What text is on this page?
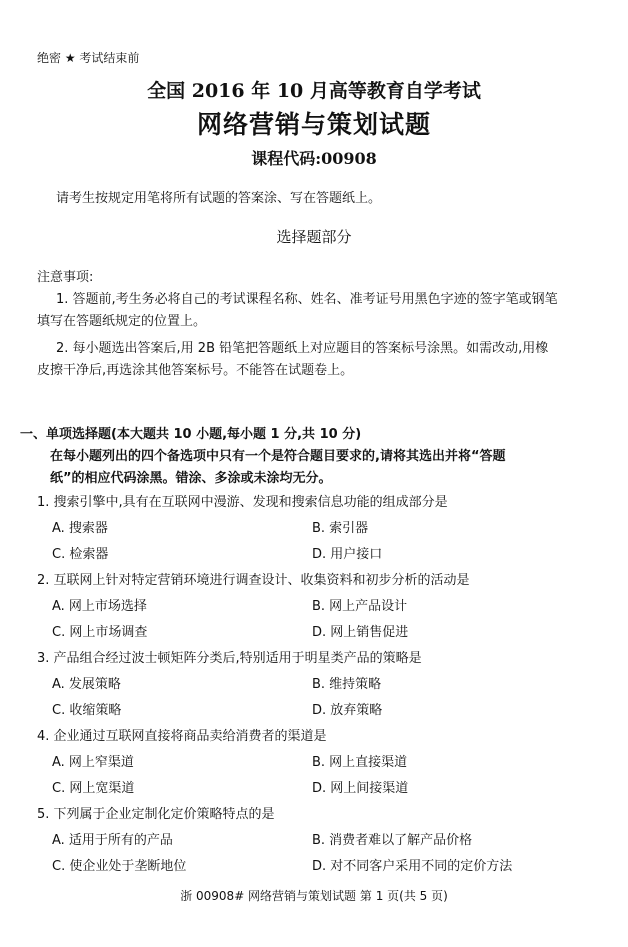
绝密 ★ 考试结束前
全国 2016 年 10 月高等教育自学考试
网络营销与策划试题
课程代码:00908
请考生按规定用笔将所有试题的答案涂、写在答题纸上。
选择题部分
注意事项:
1. 答题前,考生务必将自己的考试课程名称、姓名、准考证号用黑色字迹的签字笔或钢笔
填写在答题纸规定的位置上。
2. 每小题选出答案后,用 2B 铅笔把答题纸上对应题目的答案标号涂黑。如需改动,用橡
皮擦干净后,再选涂其他答案标号。不能答在试题卷上。
一、单项选择题(本大题共 10 小题,每小题 1 分,共 10 分)
在每小题列出的四个备选项中只有一个是符合题目要求的,请将其选出并将“答题
纸”的相应代码涂黑。错涂、多涂或未涂均无分。
1. 搜索引擎中,具有在互联网中漫游、发现和搜索信息功能的组成部分是
A. 搜索器	B. 索引器
C. 检索器	D. 用户接口
2. 互联网上针对特定营销环境进行调查设计、收集资料和初步分析的活动是
A. 网上市场选择	B. 网上产品设计
C. 网上市场调查	D. 网上销售促进
3. 产品组合经过波士顿矩阵分类后,特别适用于明星类产品的策略是
A. 发展策略	B. 维持策略
C. 收缩策略	D. 放弃策略
4. 企业通过互联网直接将商品卖给消费者的渠道是
A. 网上窄渠道	B. 网上直接渠道
C. 网上宽渠道	D. 网上间接渠道
5. 下列属于企业定制化定价策略特点的是
A. 适用于所有的产品	B. 消费者难以了解产品价格
C. 使企业处于垄断地位	D. 对不同客户采用不同的定价方法
浙 00908# 网络营销与策划试题 第 1 页(共 5 页)
